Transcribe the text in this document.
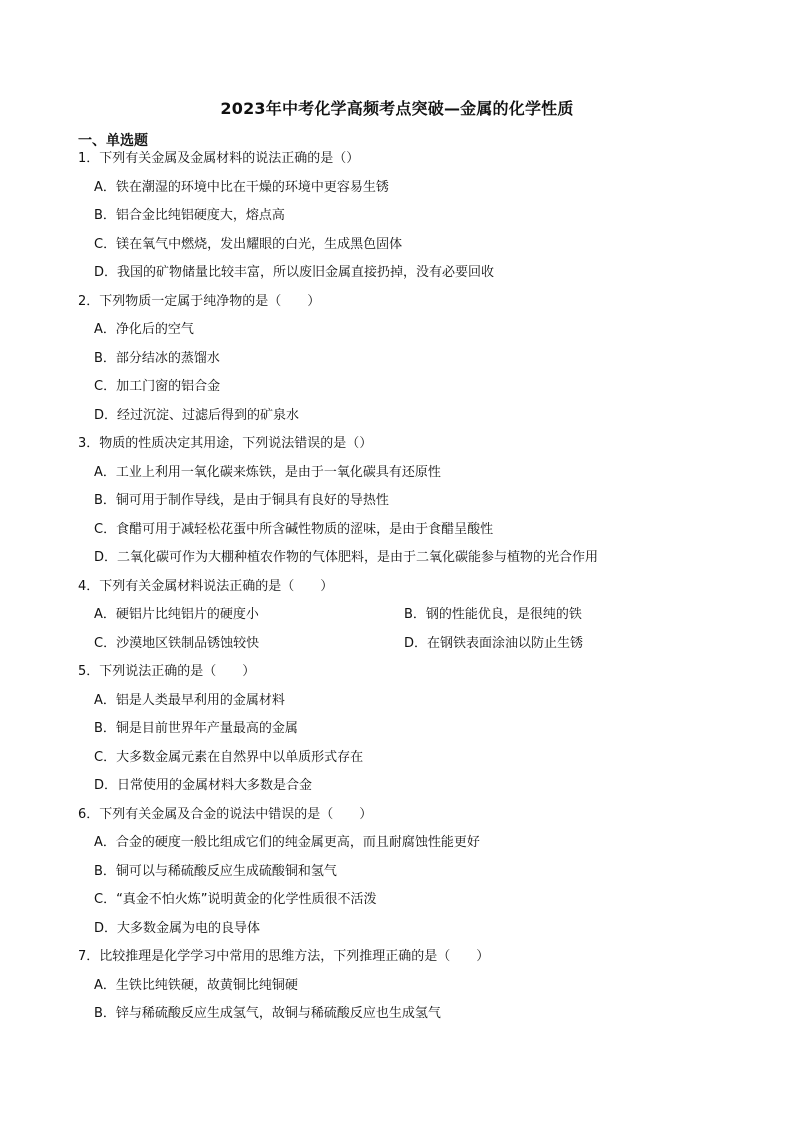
2023年中考化学高频考点突破—金属的化学性质
一、单选题
1．下列有关金属及金属材料的说法正确的是（）
A．铁在潮湿的环境中比在干燥的环境中更容易生锈
B．铝合金比纯铝硬度大，熔点高
C．镁在氧气中燃烧，发出耀眼的白光，生成黑色固体
D．我国的矿物储量比较丰富，所以废旧金属直接扔掉，没有必要回收
2．下列物质一定属于纯净物的是（　　）
A．净化后的空气
B．部分结冰的蒸馏水
C．加工门窗的铝合金
D．经过沉淀、过滤后得到的矿泉水
3．物质的性质决定其用途，下列说法错误的是（）
A．工业上利用一氧化碳来炼铁，是由于一氧化碳具有还原性
B．铜可用于制作导线，是由于铜具有良好的导热性
C．食醋可用于减轻松花蛋中所含碱性物质的涩味，是由于食醋呈酸性
D．二氧化碳可作为大棚种植农作物的气体肥料，是由于二氧化碳能参与植物的光合作用
4．下列有关金属材料说法正确的是（　　）
A．硬铝片比纯铝片的硬度小	B．钢的性能优良，是很纯的铁
C．沙漠地区铁制品锈蚀较快	D．在钢铁表面涂油以防止生锈
5．下列说法正确的是（　　）
A．铝是人类最早利用的金属材料
B．铜是目前世界年产量最高的金属
C．大多数金属元素在自然界中以单质形式存在
D．日常使用的金属材料大多数是合金
6．下列有关金属及合金的说法中错误的是（　　）
A．合金的硬度一般比组成它们的纯金属更高，而且耐腐蚀性能更好
B．铜可以与稀硫酸反应生成硫酸铜和氢气
C．“真金不怕火炼”说明黄金的化学性质很不活泼
D．大多数金属为电的良导体
7．比较推理是化学学习中常用的思维方法，下列推理正确的是（　　）
A．生铁比纯铁硬，故黄铜比纯铜硬
B．锌与稀硫酸反应生成氢气，故铜与稀硫酸反应也生成氢气
